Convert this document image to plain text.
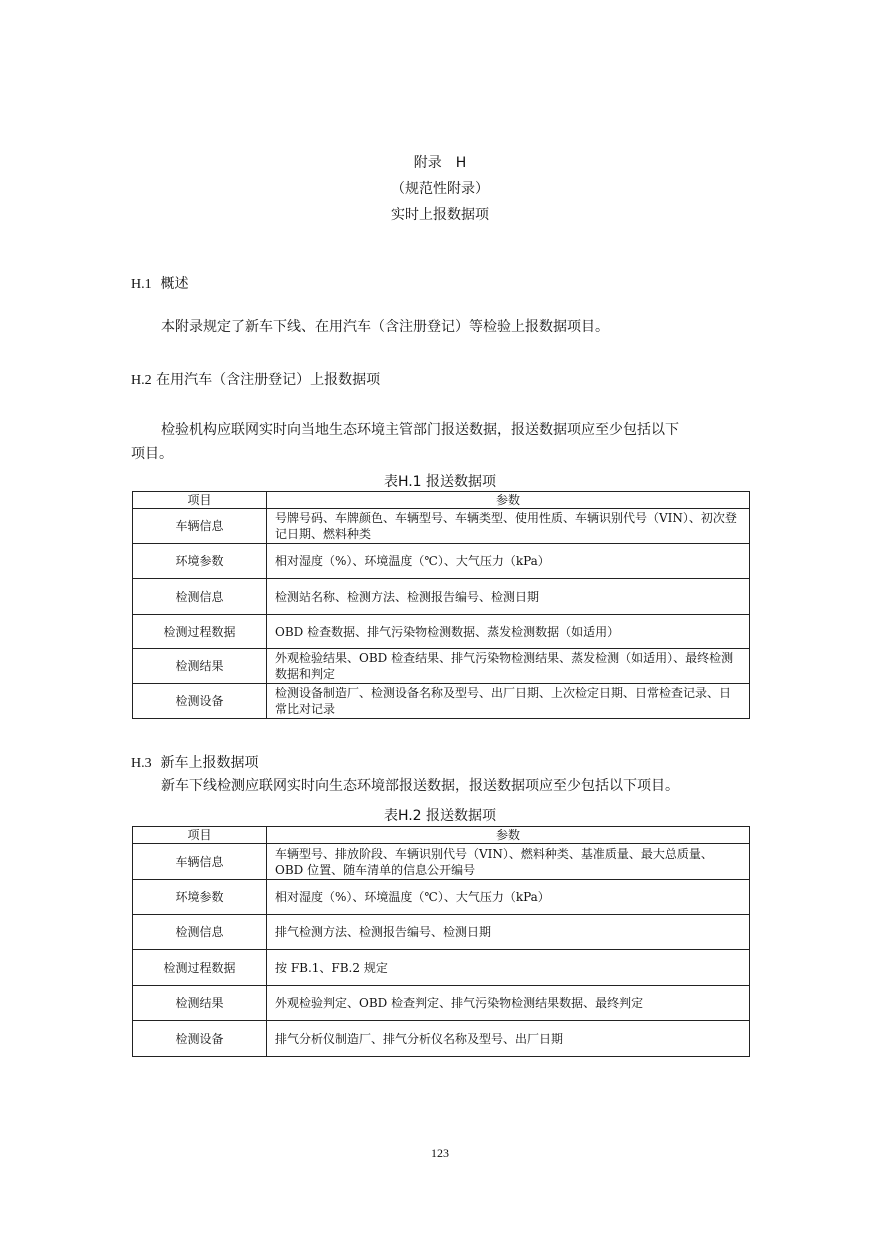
附录　H
（规范性附录）
实时上报数据项
H.1 概述
本附录规定了新车下线、在用汽车（含注册登记）等检验上报数据项目。
H.2 在用汽车（含注册登记）上报数据项
检验机构应联网实时向当地生态环境主管部门报送数据，报送数据项应至少包括以下
项目。
表H.1 报送数据项
项目	参数
车辆信息	号牌号码、车牌颜色、车辆型号、车辆类型、使用性质、车辆识别代号（VIN）、初次登记日期、燃料种类
环境参数	相对湿度（%）、环境温度（℃）、大气压力（kPa）
检测信息	检测站名称、检测方法、检测报告编号、检测日期
检测过程数据	OBD 检查数据、排气污染物检测数据、蒸发检测数据（如适用）
检测结果	外观检验结果、OBD 检查结果、排气污染物检测结果、蒸发检测（如适用）、最终检测数据和判定
检测设备	检测设备制造厂、检测设备名称及型号、出厂日期、上次检定日期、日常检查记录、日常比对记录
H.3 新车上报数据项
新车下线检测应联网实时向生态环境部报送数据，报送数据项应至少包括以下项目。
表H.2 报送数据项
项目	参数
车辆信息	车辆型号、排放阶段、车辆识别代号（VIN）、燃料种类、基准质量、最大总质量、OBD 位置、随车清单的信息公开编号
环境参数	相对湿度（%）、环境温度（℃）、大气压力（kPa）
检测信息	排气检测方法、检测报告编号、检测日期
检测过程数据	按 FB.1、FB.2 规定
检测结果	外观检验判定、OBD 检查判定、排气污染物检测结果数据、最终判定
检测设备	排气分析仪制造厂、排气分析仪名称及型号、出厂日期
123
